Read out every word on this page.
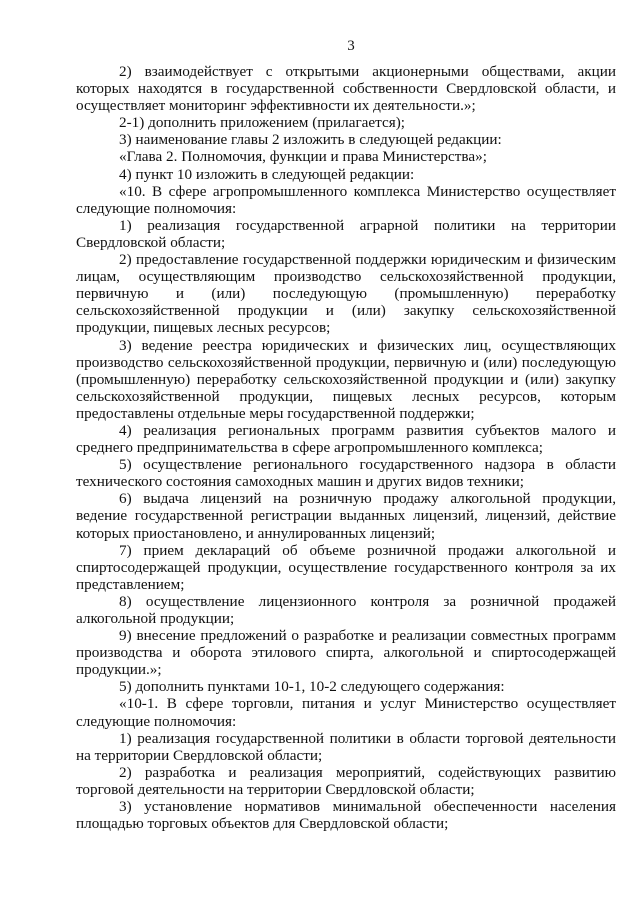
3

2) взаимодействует с открытыми акционерными обществами, акции которых находятся в государственной собственности Свердловской области, и осуществляет мониторинг эффективности их деятельности.»;

2-1) дополнить приложением (прилагается);

3) наименование главы 2 изложить в следующей редакции:

«Глава 2. Полномочия, функции и права Министерства»;

4) пункт 10 изложить в следующей редакции:

«10. В сфере агропромышленного комплекса Министерство осуществляет следующие полномочия:

1) реализация государственной аграрной политики на территории Свердловской области;

2) предоставление государственной поддержки юридическим и физическим лицам, осуществляющим производство сельскохозяйственной продукции, первичную и (или) последующую (промышленную) переработку сельскохозяйственной продукции и (или) закупку сельскохозяйственной продукции, пищевых лесных ресурсов;

3) ведение реестра юридических и физических лиц, осуществляющих производство сельскохозяйственной продукции, первичную и (или) последующую (промышленную) переработку сельскохозяйственной продукции и (или) закупку сельскохозяйственной продукции, пищевых лесных ресурсов, которым предоставлены отдельные меры государственной поддержки;

4) реализация региональных программ развития субъектов малого и среднего предпринимательства в сфере агропромышленного комплекса;

5) осуществление регионального государственного надзора в области технического состояния самоходных машин и других видов техники;

6) выдача лицензий на розничную продажу алкогольной продукции, ведение государственной регистрации выданных лицензий, лицензий, действие которых приостановлено, и аннулированных лицензий;

7) прием деклараций об объеме розничной продажи алкогольной и спиртосодержащей продукции, осуществление государственного контроля за их представлением;

8) осуществление лицензионного контроля за розничной продажей алкогольной продукции;

9) внесение предложений о разработке и реализации совместных программ производства и оборота этилового спирта, алкогольной и спиртосодержащей продукции.»;

5) дополнить пунктами 10-1, 10-2 следующего содержания:

«10-1. В сфере торговли, питания и услуг Министерство осуществляет следующие полномочия:

1) реализация государственной политики в области торговой деятельности на территории Свердловской области;

2) разработка и реализация мероприятий, содействующих развитию торговой деятельности на территории Свердловской области;

3) установление нормативов минимальной обеспеченности населения площадью торговых объектов для Свердловской области;
